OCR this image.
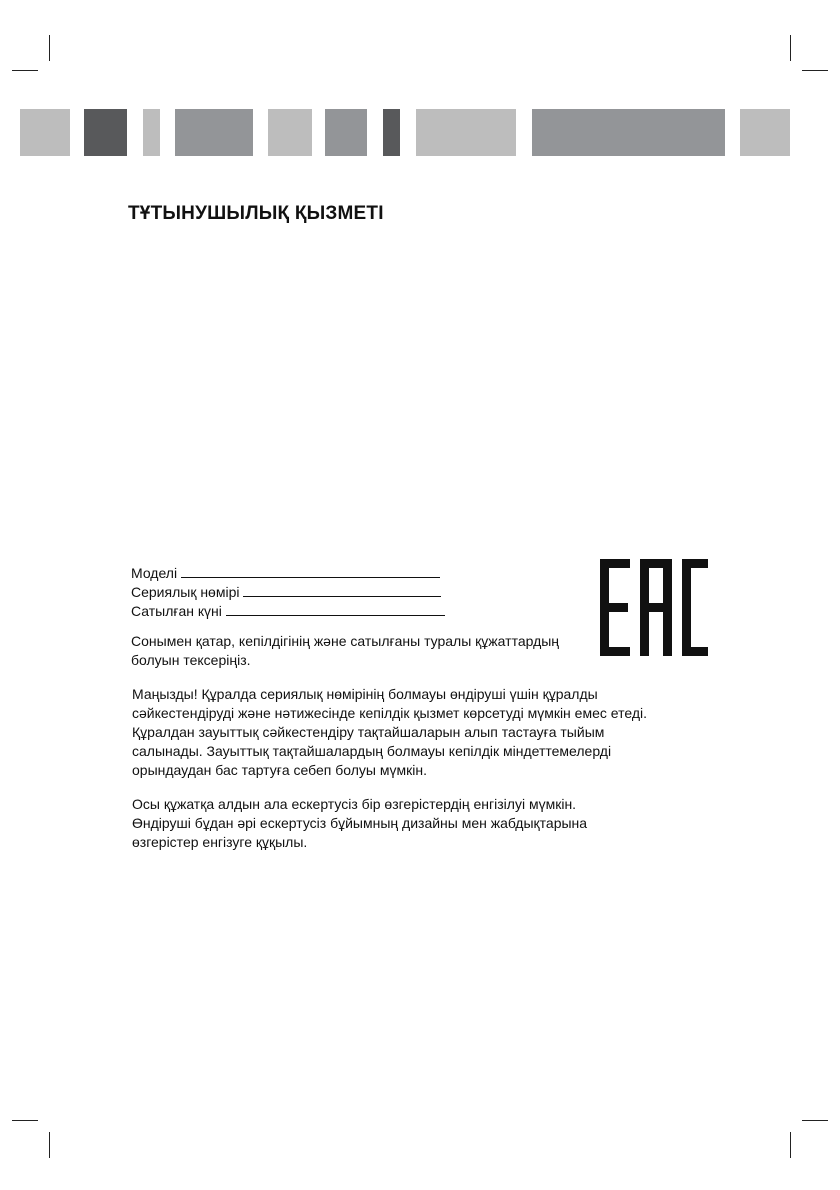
ТҰТЫНУШЫЛЫҚ ҚЫЗМЕТІ
Моделі
Сериялық нөмірі
Сатылған күні
Сонымен қатар, кепілдігінің және сатылғаны туралы құжаттардың
болуын тексеріңіз.
Маңызды! Құралда сериялық нөмірінің болмауы өндіруші үшін құралды
сәйкестендіруді және нәтижесінде кепілдік қызмет көрсетуді мүмкін емес етеді.
Құралдан зауыттық сәйкестендіру тақтайшаларын алып тастауға тыйым
салынады. Зауыттық тақтайшалардың болмауы кепілдік міндеттемелерді
орындаудан бас тартуға себеп болуы мүмкін.
Осы құжатқа алдын ала ескертусіз бір өзгерістердің енгізілуі мүмкін.
Өндіруші бұдан әрі ескертусіз бұйымның дизайны мен жабдықтарына
өзгерістер енгізуге құқылы.
